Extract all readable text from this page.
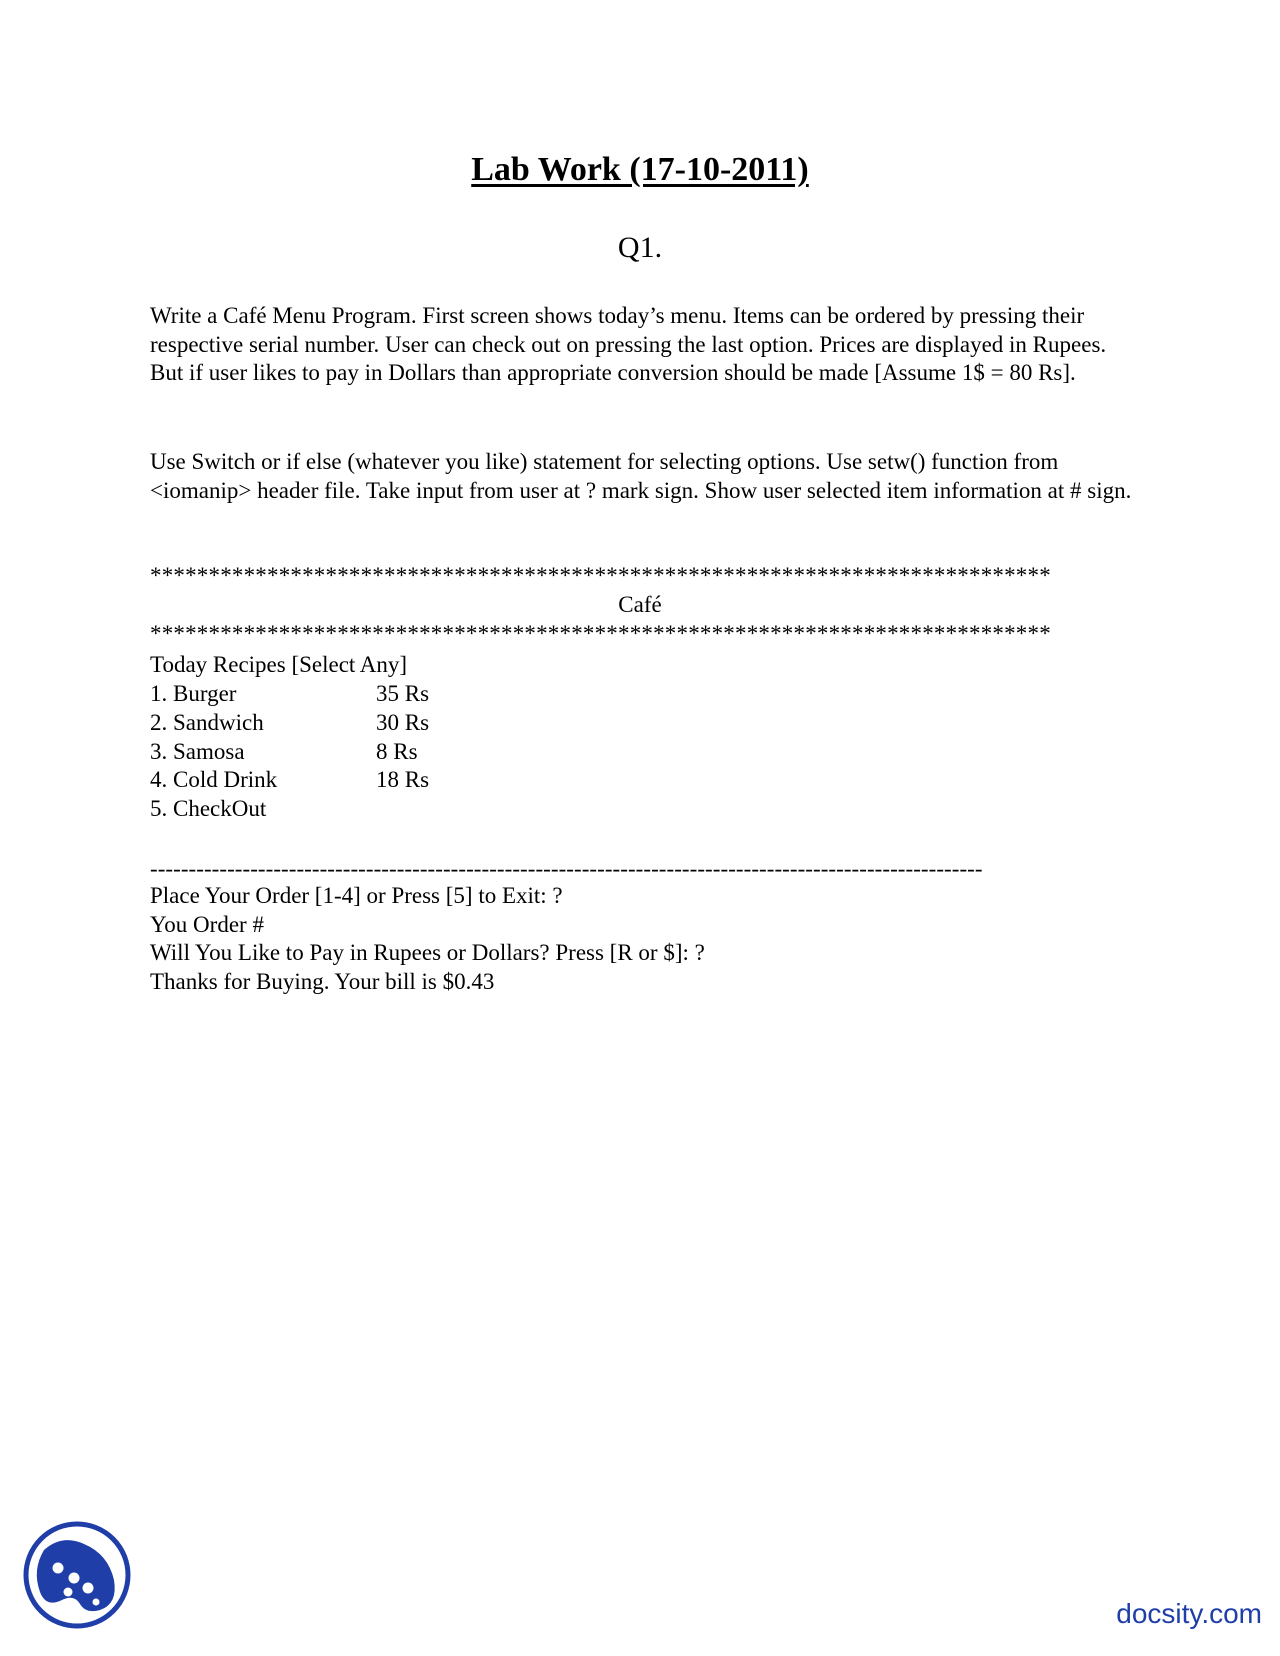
Lab Work (17-10-2011)
Q1.

Write a Café Menu Program. First screen shows today’s menu. Items can be ordered by pressing their respective serial number. User can check out on pressing the last option. Prices are displayed in Rupees. But if user likes to pay in Dollars than appropriate conversion should be made [Assume 1$ = 80 Rs].

Use Switch or if else (whatever you like) statement for selecting options. Use setw() function from <iomanip> header file. Take input from user at ? mark sign. Show user selected item information at # sign.

*****************************************************************************
Café
*****************************************************************************
Today Recipes [Select Any]
1. Burger	35 Rs
2. Sandwich	30 Rs
3. Samosa	8 Rs
4. Cold Drink	18 Rs
5. CheckOut
------------------------------------------------------------------------------------------------------------
Place Your Order [1-4] or Press [5] to Exit: ?
You Order #
Will You Like to Pay in Rupees or Dollars? Press [R or $]: ?
Thanks for Buying. Your bill is $0.43
docsity.com
